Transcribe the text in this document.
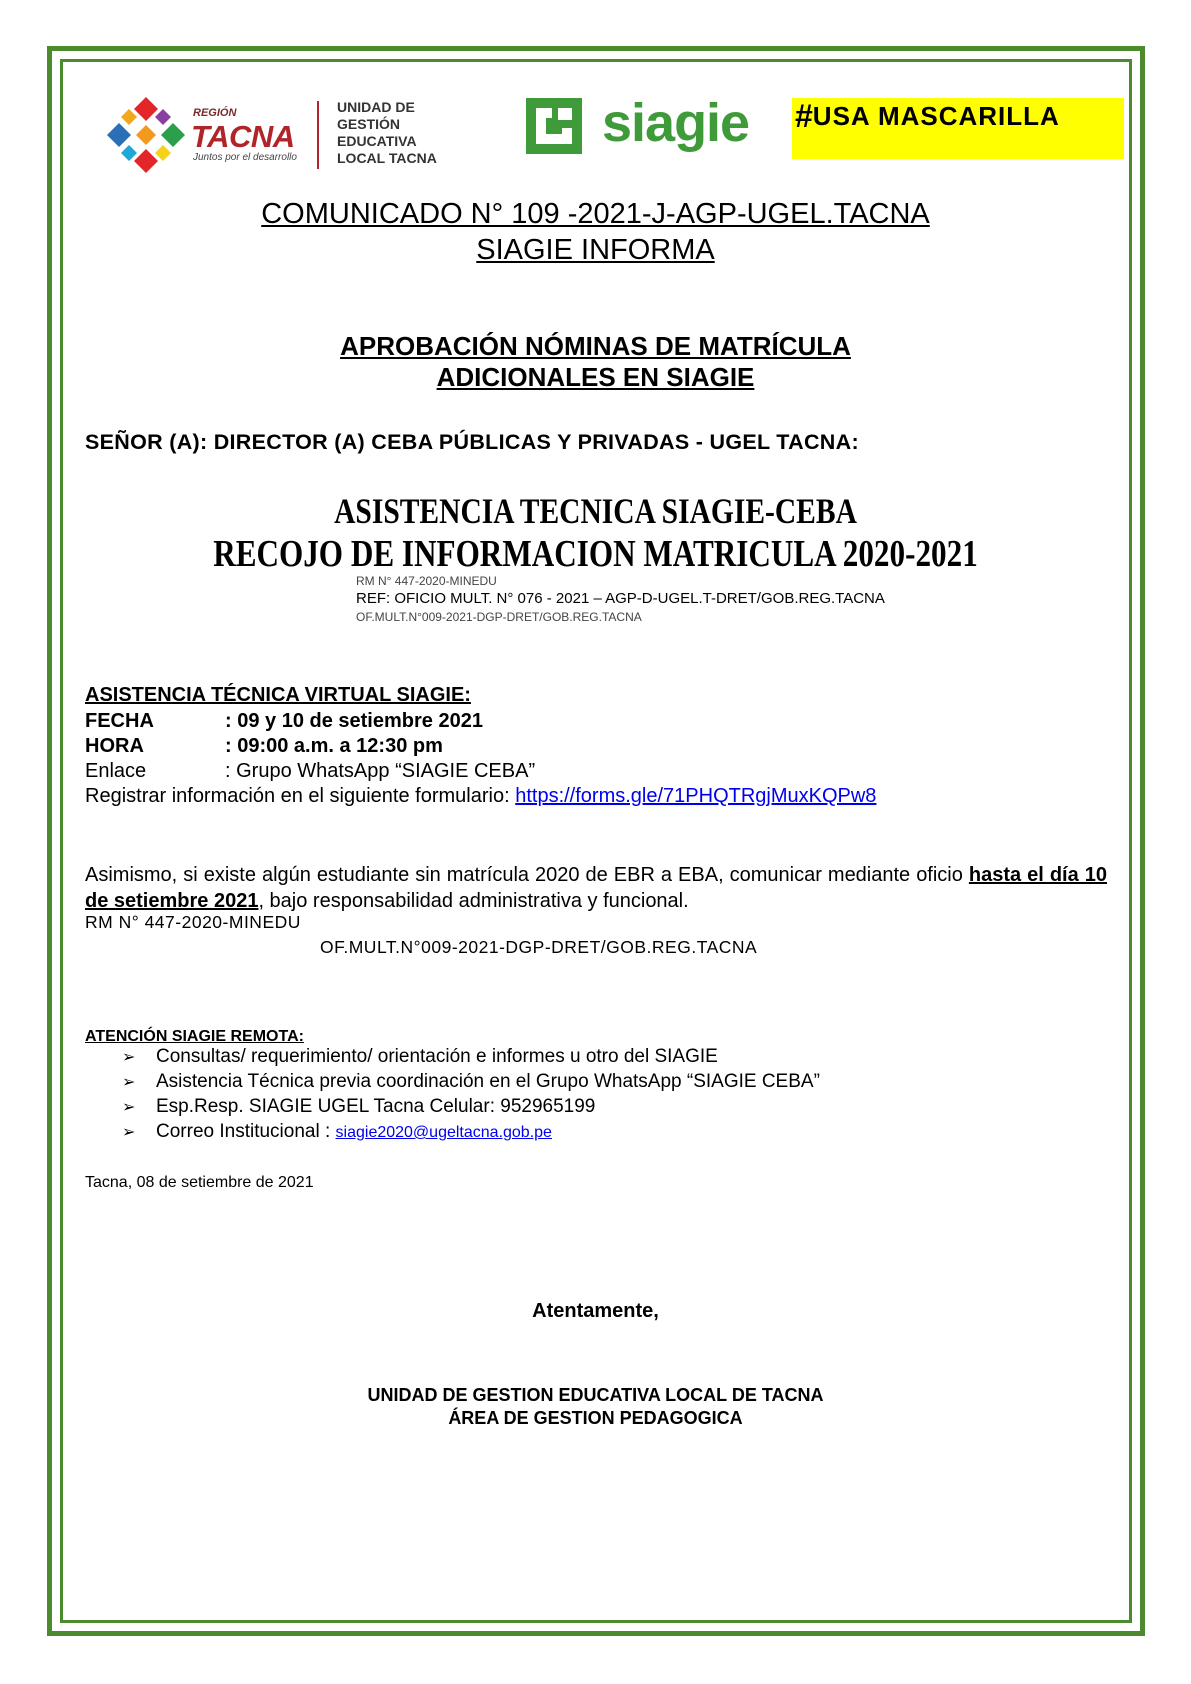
REGIÓN
TACNA
Juntos por el desarrollo
UNIDAD DE
GESTIÓN
EDUCATIVA
LOCAL TACNA
siagie #USA MASCARILLA
COMUNICADO N° 109 -2021-J-AGP-UGEL.TACNA
SIAGIE INFORMA
APROBACIÓN NÓMINAS DE MATRÍCULA
ADICIONALES EN SIAGIE
SEÑOR (A): DIRECTOR (A) CEBA PÚBLICAS Y PRIVADAS - UGEL TACNA:
ASISTENCIA TECNICA SIAGIE-CEBA
RECOJO DE INFORMACION MATRICULA 2020-2021
RM N° 447-2020-MINEDU
REF: OFICIO MULT. N° 076 - 2021 – AGP-D-UGEL.T-DRET/GOB.REG.TACNA
OF.MULT.N°009-2021-DGP-DRET/GOB.REG.TACNA
ASISTENCIA TÉCNICA VIRTUAL SIAGIE:
FECHA	: 09 y 10 de setiembre 2021
HORA	: 09:00 a.m. a 12:30 pm
Enlace	: Grupo WhatsApp “SIAGIE CEBA”
Registrar información en el siguiente formulario: https://forms.gle/71PHQTRgjMuxKQPw8
Asimismo, si existe algún estudiante sin matrícula 2020 de EBR a EBA, comunicar mediante oficio hasta el día 10 de setiembre 2021, bajo responsabilidad administrativa y funcional.
RM N° 447-2020-MINEDU
OF.MULT.N°009-2021-DGP-DRET/GOB.REG.TACNA
ATENCIÓN SIAGIE REMOTA:
➢ Consultas/ requerimiento/ orientación e informes u otro del SIAGIE
➢ Asistencia Técnica previa coordinación en el Grupo WhatsApp “SIAGIE CEBA”
➢ Esp.Resp. SIAGIE UGEL Tacna Celular: 952965199
➢ Correo Institucional : siagie2020@ugeltacna.gob.pe
Tacna, 08 de setiembre de 2021
Atentamente,
UNIDAD DE GESTION EDUCATIVA LOCAL DE TACNA
ÁREA DE GESTION PEDAGOGICA
